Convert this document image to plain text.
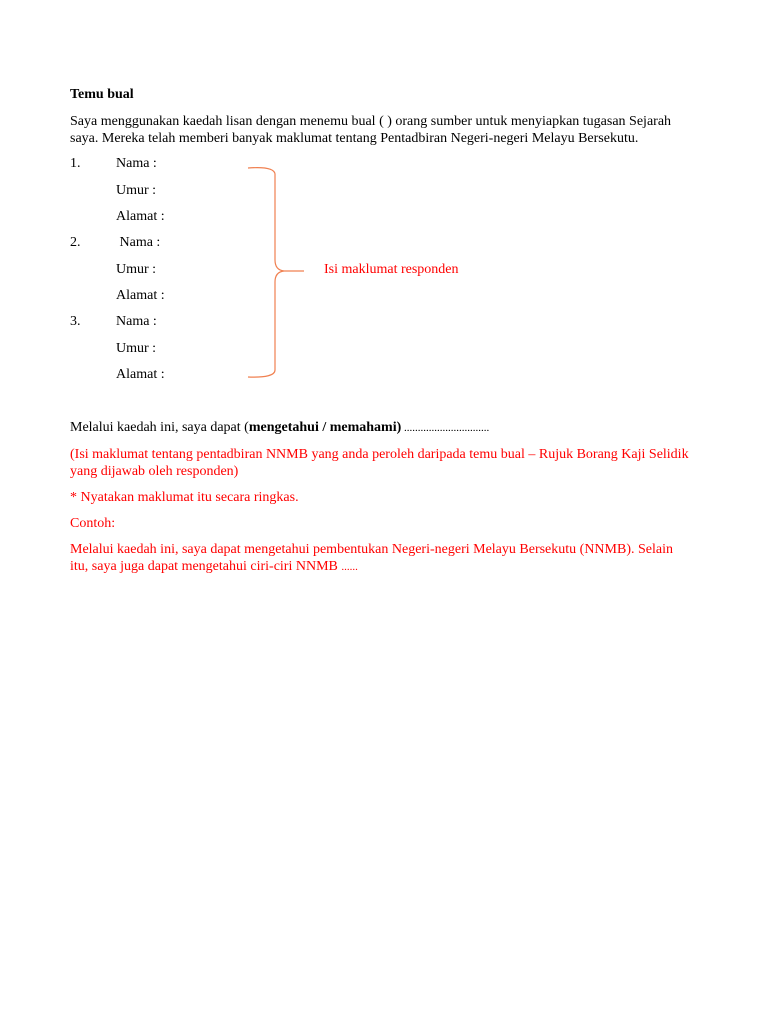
Temu bual
Saya menggunakan kaedah lisan dengan menemu bual ( ) orang sumber untuk menyiapkan tugasan Sejarah
saya. Mereka telah memberi banyak maklumat tentang Pentadbiran Negeri-negeri Melayu Bersekutu.
1.	Nama :
Umur :
Alamat :
2.	Nama :
Umur :
Alamat :
3.	Nama :
Umur :
Alamat :
Isi maklumat responden
Melalui kaedah ini, saya dapat (mengetahui / memahami) ...............................
(Isi maklumat tentang pentadbiran NNMB yang anda peroleh daripada temu bual – Rujuk Borang Kaji Selidik
yang dijawab oleh responden)
* Nyatakan maklumat itu secara ringkas.
Contoh:
Melalui kaedah ini, saya dapat mengetahui pembentukan Negeri-negeri Melayu Bersekutu (NNMB). Selain
itu, saya juga dapat mengetahui ciri-ciri NNMB ......
